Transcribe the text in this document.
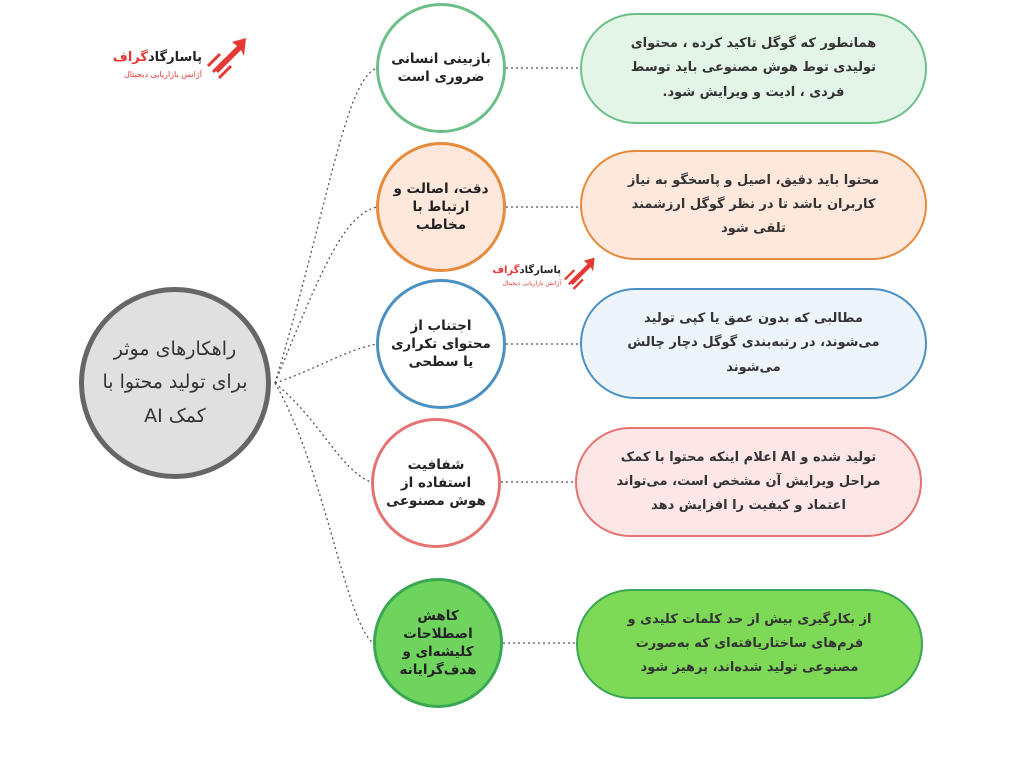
پاسارگادگراف
آژانس بازاریابی دیجیتال
پاسارگادگراف
آژانس بازاریابی دیجیتال
راهکارهای موثر برای تولید محتوا با کمک AI
بازبینی انسانی ضروری است
همانطور که گوگل تاکید کرده ، محتوای تولیدی توط هوش مصنوعی باید توسط فردی ، ادیت و ویرایش شود.
دقت، اصالت و ارتباط با مخاطب
محتوا باید دقیق، اصیل و پاسخگو به نیاز کاربران باشد تا در نظر گوگل ارزشمند تلقی شود
اجتناب از محتوای تکراری یا سطحی
مطالبی که بدون عمق یا کپی تولید می‌شوند، در رتبه‌بندی گوگل دچار چالش می‌شوند
شفافیت استفاده از هوش مصنوعی
تولید شده و AI اعلام اینکه محتوا با کمک مراحل ویرایش آن مشخص است، می‌تواند اعتماد و کیفیت را افزایش دهد
کاهش اصطلاحات کلیشه‌ای و هدف‌گرایانه
از بکارگیری بیش از حد کلمات کلیدی و فرم‌های ساختاریافته‌ای که به‌صورت مصنوعی تولید شده‌اند، پرهیز شود
